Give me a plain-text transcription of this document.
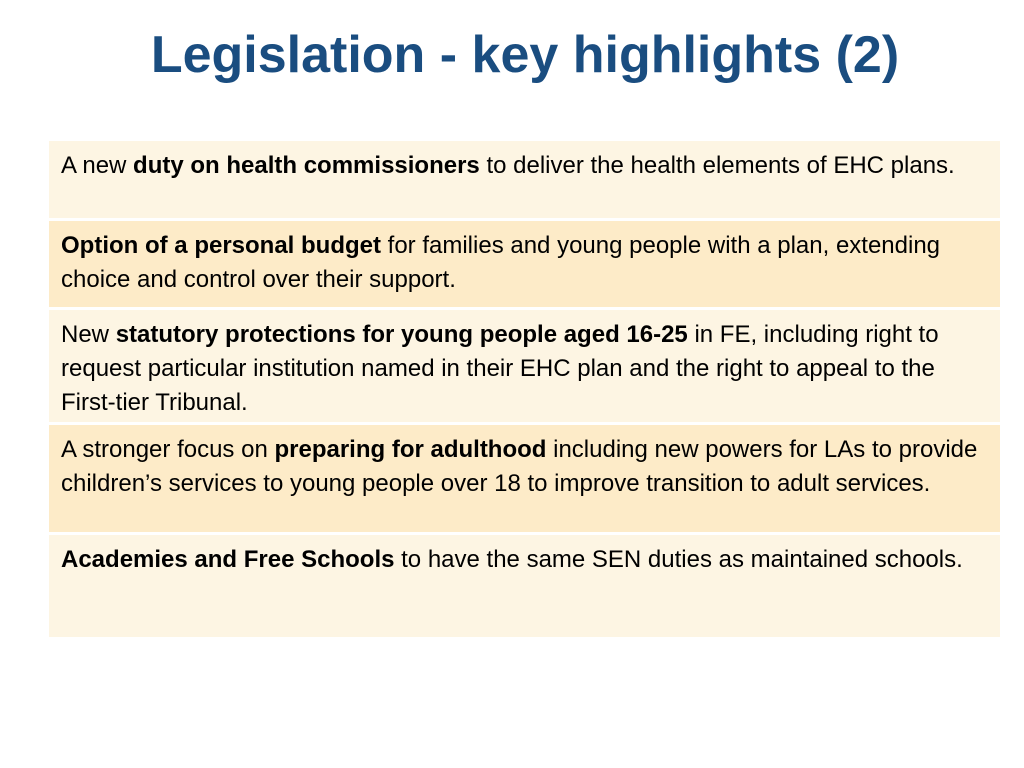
Legislation - key highlights (2)
A new duty on health commissioners to deliver the health elements of EHC plans.
Option of a personal budget for families and young people with a plan, extending choice and control over their support.
New statutory protections for young people aged 16-25 in FE, including right to request particular institution named in their EHC plan and the right to appeal to the First-tier Tribunal.
A stronger focus on preparing for adulthood including new powers for LAs to provide children’s services to young people over 18 to improve transition to adult services.
Academies and Free Schools to have the same SEN duties as maintained schools.
